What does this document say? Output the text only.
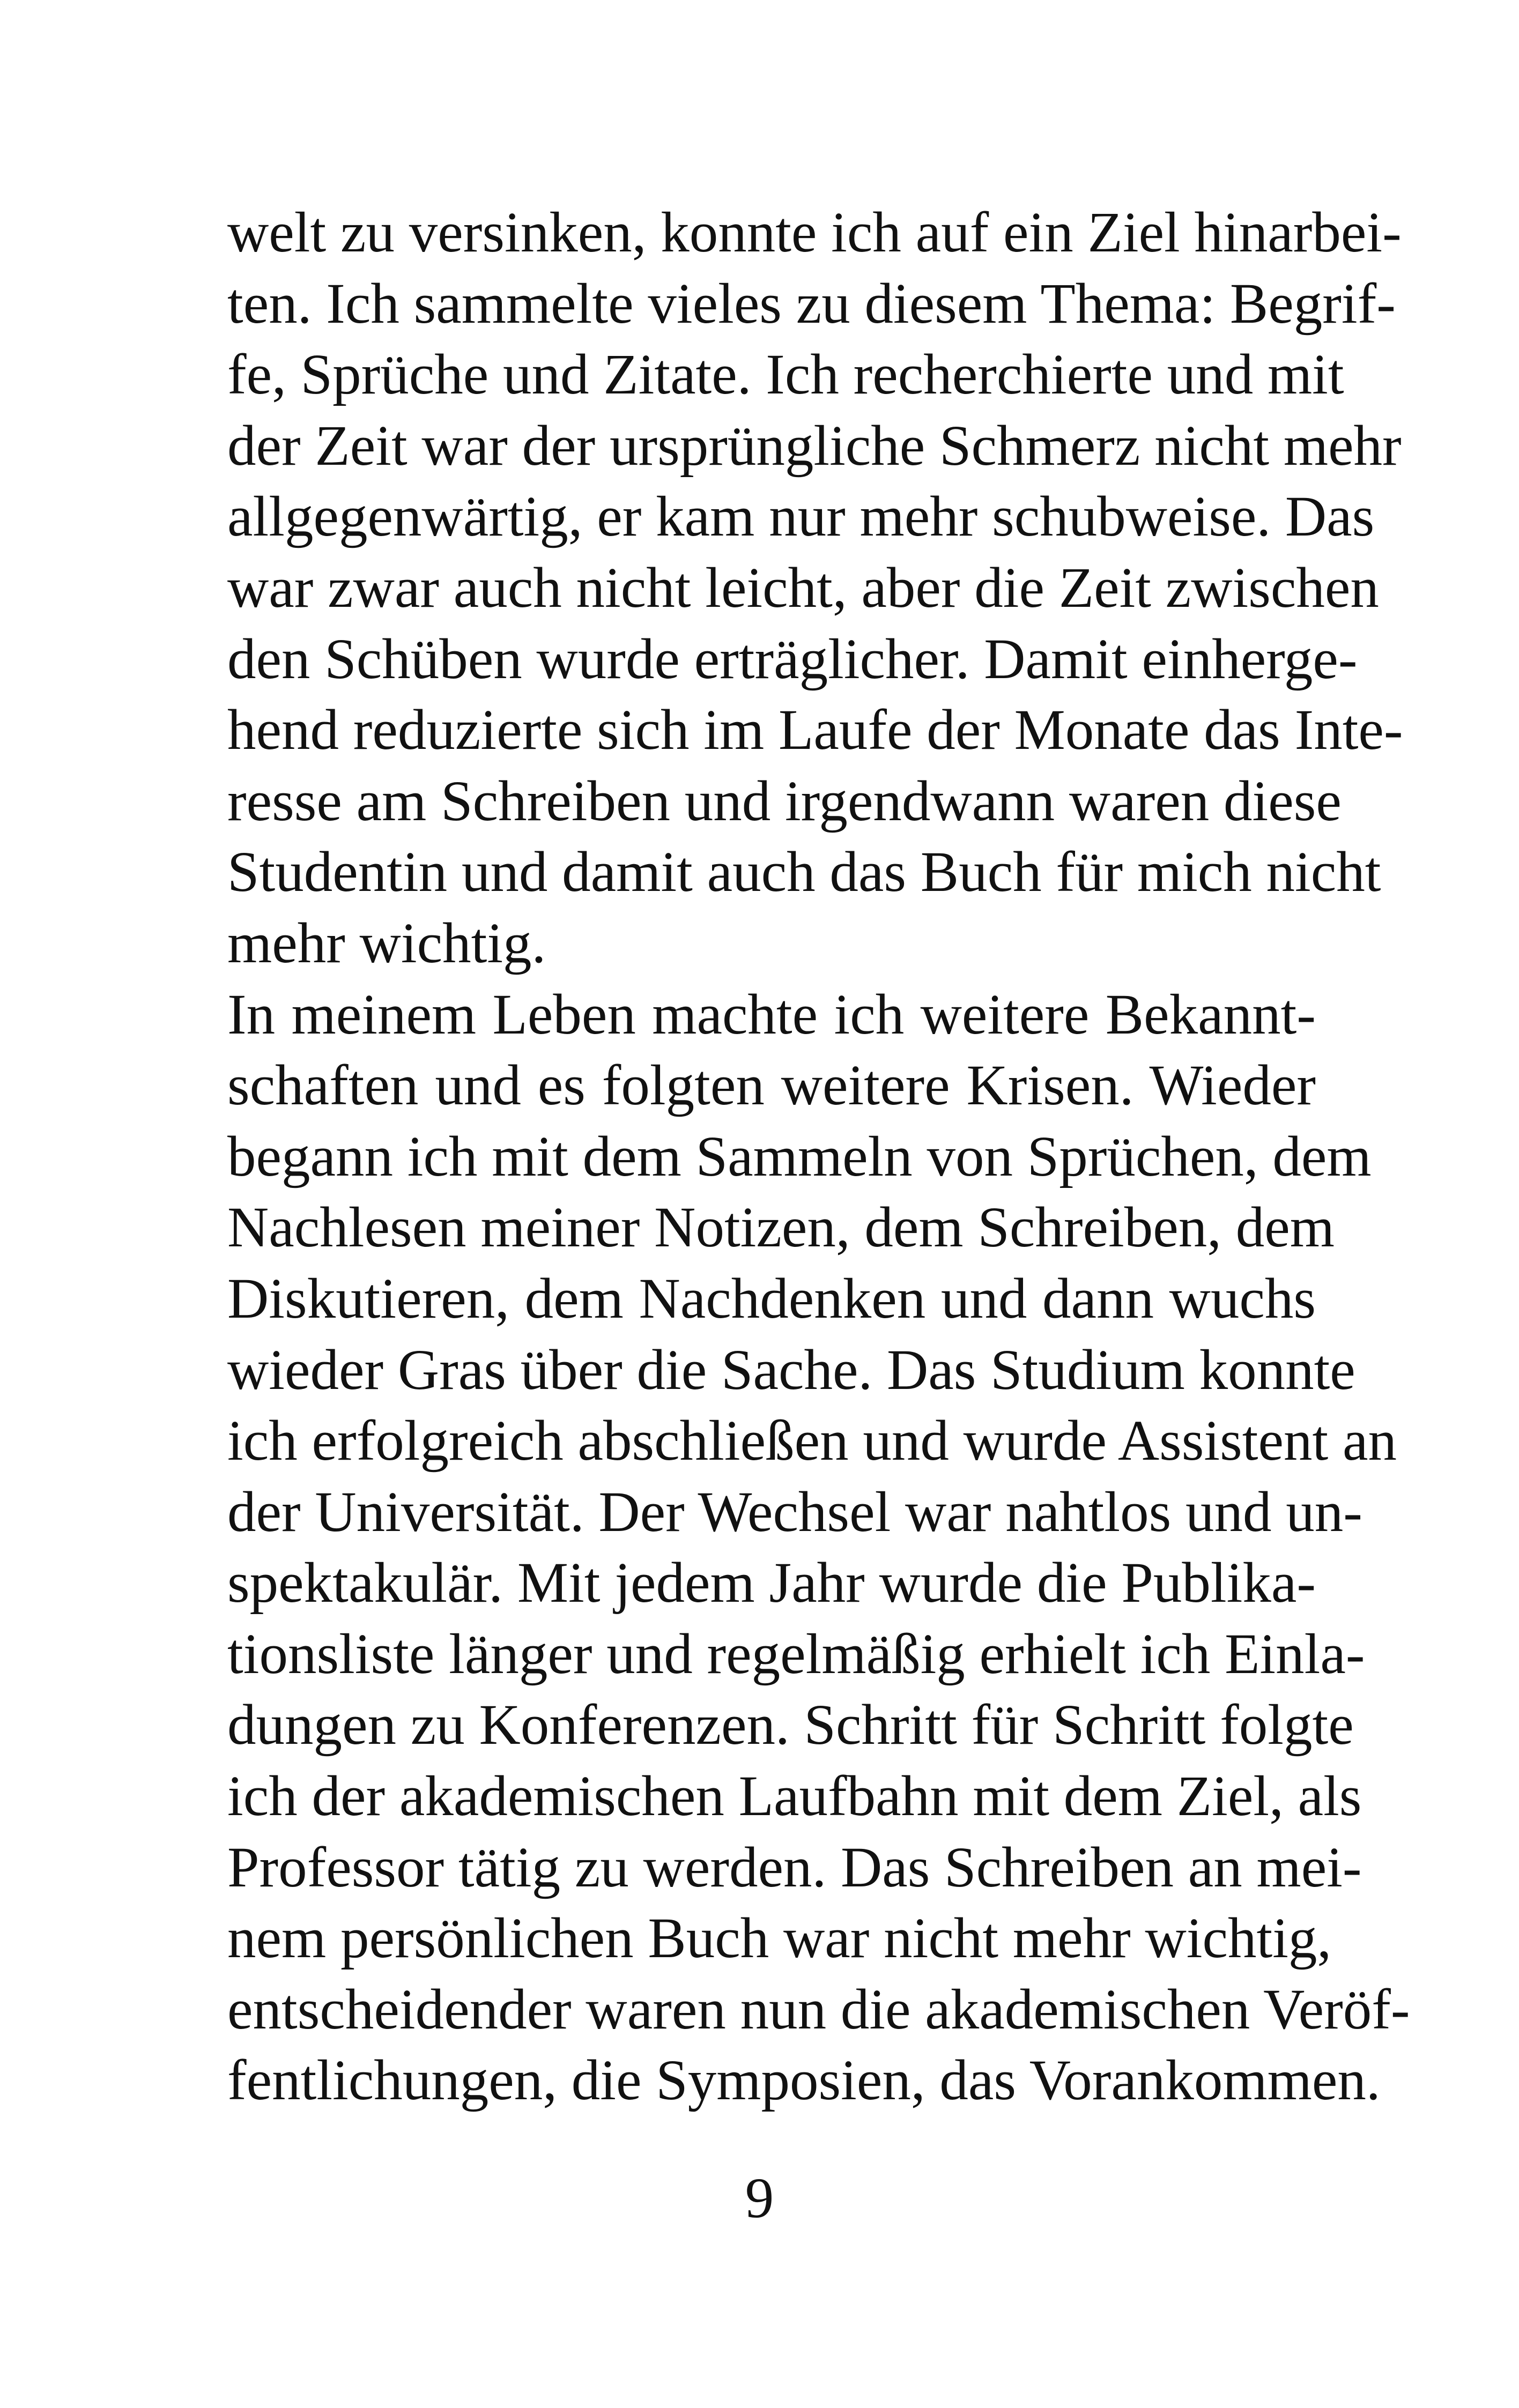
welt zu versinken, konnte ich auf ein Ziel hinarbei-
ten. Ich sammelte vieles zu diesem Thema: Begrif-
fe, Sprüche und Zitate. Ich recherchierte und mit
der Zeit war der ursprüngliche Schmerz nicht mehr
allgegenwärtig, er kam nur mehr schubweise. Das
war zwar auch nicht leicht, aber die Zeit zwischen
den Schüben wurde erträglicher. Damit einherge-
hend reduzierte sich im Laufe der Monate das Inte-
resse am Schreiben und irgendwann waren diese
Studentin und damit auch das Buch für mich nicht
mehr wichtig.
In meinem Leben machte ich weitere Bekannt-
schaften und es folgten weitere Krisen. Wieder
begann ich mit dem Sammeln von Sprüchen, dem
Nachlesen meiner Notizen, dem Schreiben, dem
Diskutieren, dem Nachdenken und dann wuchs
wieder Gras über die Sache. Das Studium konnte
ich erfolgreich abschließen und wurde Assistent an
der Universität. Der Wechsel war nahtlos und un-
spektakulär. Mit jedem Jahr wurde die Publika-
tionsliste länger und regelmäßig erhielt ich Einla-
dungen zu Konferenzen. Schritt für Schritt folgte
ich der akademischen Laufbahn mit dem Ziel, als
Professor tätig zu werden. Das Schreiben an mei-
nem persönlichen Buch war nicht mehr wichtig,
entscheidender waren nun die akademischen Veröf-
fentlichungen, die Symposien, das Vorankommen.
9
